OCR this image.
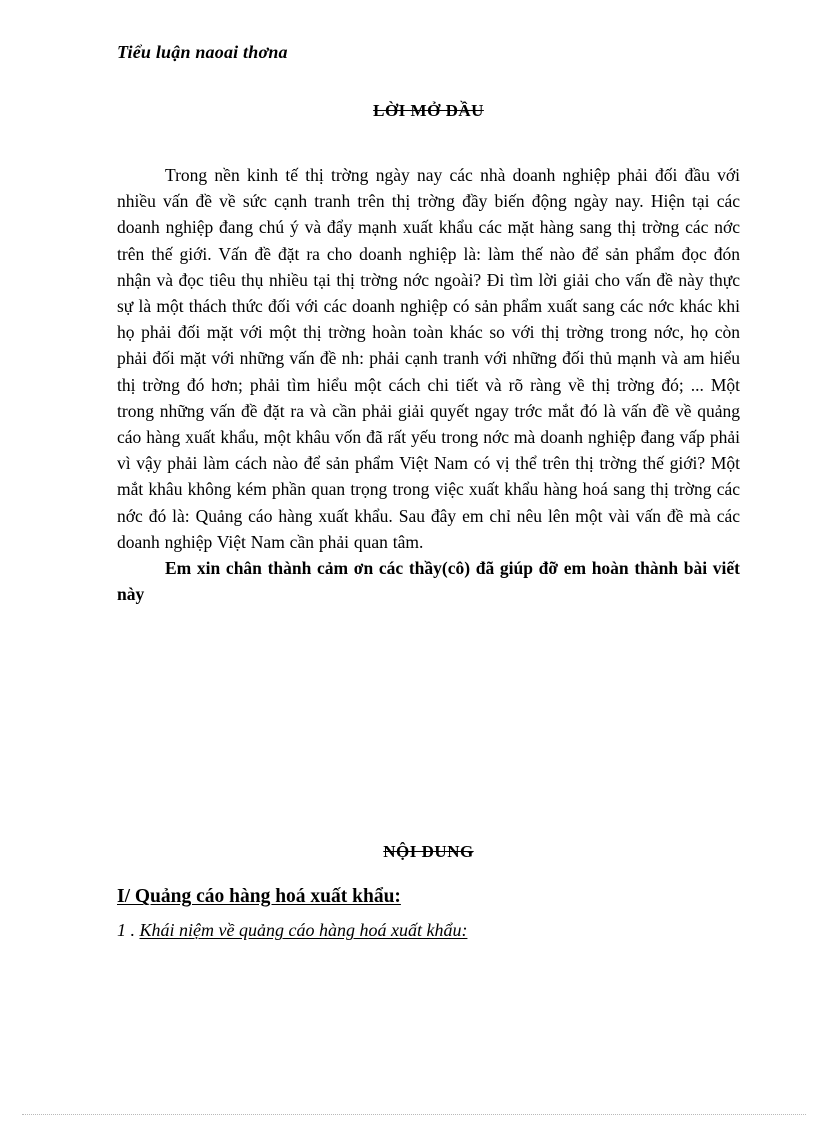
Tiểu luận naoai thơna
LỜI MỞ ĐẦU

Trong nền kinh tế thị trờng ngày nay các nhà doanh nghiệp phải đối đầu với nhiều vấn đề về sức cạnh tranh trên thị trờng đầy biến động ngày nay. Hiện tại các doanh nghiệp đang chú ý và đẩy mạnh xuất khẩu các mặt hàng sang thị trờng các nớc trên thế giới. Vấn đề đặt ra cho doanh nghiệp là: làm thế nào để sản phẩm đọc đón nhận và đọc tiêu thụ nhiều tại thị trờng nớc ngoài? Đi tìm lời giải cho vấn đề này thực sự là một thách thức đối với các doanh nghiệp có sản phẩm xuất sang các nớc khác khi họ phải đối mặt với một thị trờng hoàn toàn khác so với thị trờng trong nớc, họ còn phải đối mặt với những vấn đề nh: phải cạnh tranh với những đối thủ mạnh và am hiểu thị trờng đó hơn; phải tìm hiểu một cách chi tiết và rõ ràng về thị trờng đó; ... Một trong những vấn đề đặt ra và cần phải giải quyết ngay trớc mắt đó là vấn đề về quảng cáo hàng xuất khẩu, một khâu vốn đã rất yếu trong nớc mà doanh nghiệp đang vấp phải vì vậy phải làm cách nào để sản phẩm Việt Nam có vị thể trên thị trờng thế giới? Một mắt khâu không kém phần quan trọng trong việc xuất khẩu hàng hoá sang thị trờng các nớc đó là: Quảng cáo hàng xuất khẩu. Sau đây em chỉ nêu lên một vài vấn đề mà các doanh nghiệp Việt Nam cần phải quan tâm.

Em xin chân thành cảm ơn các thầy(cô) đã giúp đỡ em hoàn thành bài viết này

NỘI DUNG
I/ Quảng cáo hàng hoá xuất khẩu:
1 . Khái niệm về quảng cáo hàng hoá xuất khẩu:
